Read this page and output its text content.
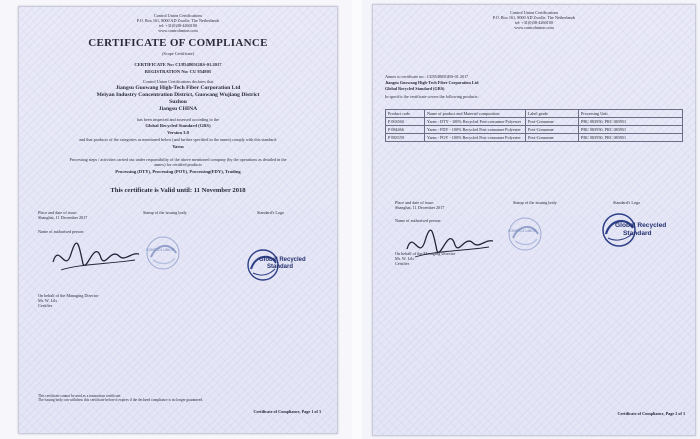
Control Union Certifications
P.O. Box 161, 8000 AD Zwolle, The Netherlands
tel: +31(0)38-4260100
www.controlunion.com
CERTIFICATE OF COMPLIANCE
(Scope Certificate)
CERTIFICATE No: CU854805GRS-01.2017
REGISTRATION No: CU 854805
Control Union Certifications declares that
Jiangsu Guowang High-Tech Fiber Corporation Ltd
Meiyan Industry Concentration District, Guowang Wujiang District
Suzhou
Jiangsu CHINA
has been inspected and assessed according to the
Global Recycled Standard (GRS)
Version 3.0
and that products of the categories as mentioned below (and further specified in the annex) comply with this standard:
Yarns
Processing steps / activities carried out under responsibility of the above mentioned company (by the operations as detailed in the
annex) for certified products
Processing (DTY), Processing (POY), Processing(FDY), Trading
This certificate is Valid until: 11 November 2018
Place and date of issue:
Shanghai, 11 December 2017
Stamp of the issuing body	Standard's Logo
Name of authorised person:
CONTROL UNION
Global Recycled
Standard
On behalf of the Managing Director
Mr. W. Lils
Certifier
This certificate cannot be used as a transaction certificate.
The issuing body can withdraw this certificate before it expires if the declared compliance is no longer guaranteed.
Certificate of Compliance, Page 1 of 3
Control Union Certifications
P.O. Box 161, 8000 AD Zwolle, The Netherlands
tel: +31(0)38-4260100
www.controlunion.com
Annex to certificate no.: CU854805GRS-01.2017
Jiangsu Guowang High-Tech Fiber Corporation Ltd
Global Recycled Standard (GRS)
In specific the certificate covers the following products:
Product code	Name of product and Material composition	Label grade	Processing Unit
P 063560	Yarns - DTY - 100% Recycled Post-consumer Polyester	Post-Consumer	PRC 083950, PRC 083951
P 084466	Yarns - FDY - 100% Recycled Post-consumer Polyester	Post-Consumer	PRC 083950, PRC 083951
P 083559	Yarns - POY - 100% Recycled Post-consumer Polyester	Post-Consumer	PRC 083950, PRC 083951
Place and date of issue:
Shanghai, 11 December 2017
Stamp of the issuing body	Standard's Logo
Name of authorised person:
CONTROL UNION
Global Recycled
Standard
On behalf of the Managing Director
Mr. W. Lils
Certifier
Certificate of Compliance, Page 2 of 3
